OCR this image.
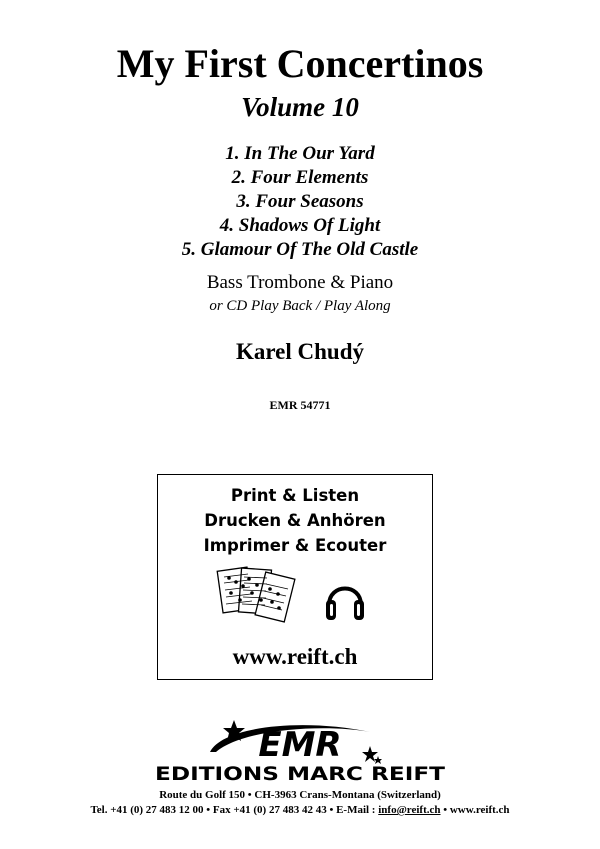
My First Concertinos
Volume 10
1. In The Our Yard
2. Four Elements
3. Four Seasons
4. Shadows Of Light
5. Glamour Of The Old Castle
Bass Trombone & Piano
or CD Play Back / Play Along
Karel Chudý
EMR 54771
Print & Listen
Drucken & Anhören
Imprimer & Ecouter
www.reift.ch
EMR
EDITIONS MARC REIFT
Route du Golf 150 • CH-3963 Crans-Montana (Switzerland)
Tel. +41 (0) 27 483 12 00 • Fax +41 (0) 27 483 42 43 • E-Mail : info@reift.ch • www.reift.ch
